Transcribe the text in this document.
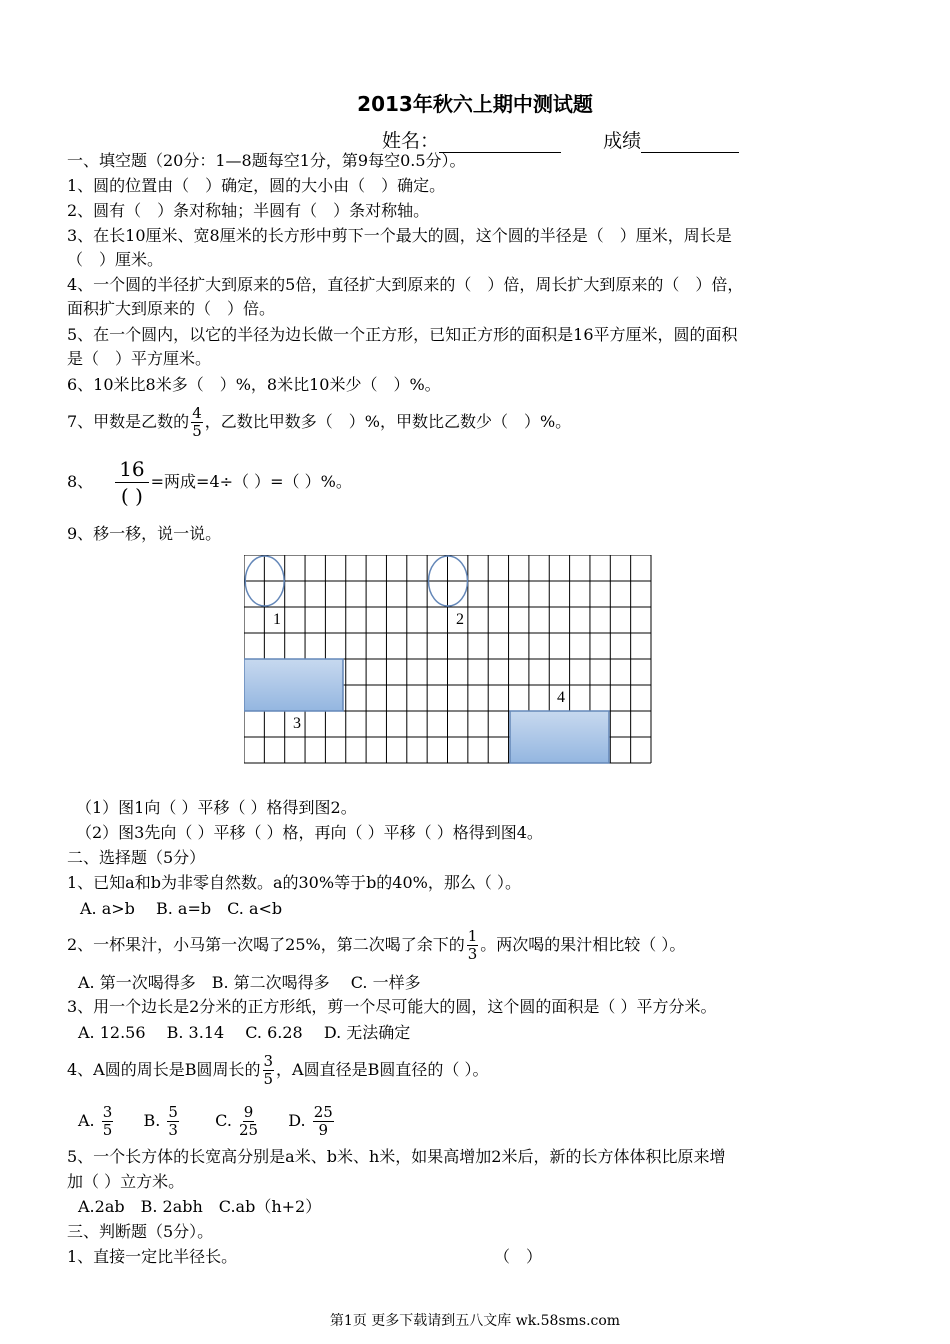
2013年秋六上期中测试题
姓名：	成绩
一、填空题（20分：1—8题每空1分，第9每空0.5分）。
1、圆的位置由（　）确定，圆的大小由（　）确定。
2、圆有（　）条对称轴；半圆有（　）条对称轴。
3、在长10厘米、宽8厘米的长方形中剪下一个最大的圆，这个圆的半径是（　）厘米，周长是
（　）厘米。
4、一个圆的半径扩大到原来的5倍，直径扩大到原来的（　）倍，周长扩大到原来的（　）倍，
面积扩大到原来的（　）倍。
5、在一个圆内，以它的半径为边长做一个正方形，已知正方形的面积是16平方厘米，圆的面积
是（　）平方厘米。
6、10米比8米多（　）%，8米比10米少（　）%。
7、甲数是乙数的 $\frac{4}{5}$ ，乙数比甲数多（　）%，甲数比乙数少（　）%。
8、 $\frac{16}{( )}$ =两成=4÷（ ）=（ ）%。
9、移一移，说一说。
1	2
3
4
（1）图1向（ ）平移（ ）格得到图2。
（2）图3先向（ ）平移（ ）格，再向（ ）平移（ ）格得到图4。
二、选择题（5分）
1、已知a和b为非零自然数。a的30%等于b的40%，那么（ ）。
A. a>b　 B. a=b　C. a<b
2、一杯果汁，小马第一次喝了25%，第二次喝了余下的 $\frac{1}{3}$ 。两次喝的果汁相比较（ ）。
A. 第一次喝得多　B. 第二次喝得多　 C. 一样多
3、用一个边长是2分米的正方形纸，剪一个尽可能大的圆，这个圆的面积是（ ）平方分米。
A. 12.56　 B. 3.14　 C. 6.28　 D. 无法确定
4、A圆的周长是B圆周长的 $\frac{3}{5}$ ，A圆直径是B圆直径的（ ）。
A. $\frac{3}{5} B$. $\frac{5}{3} C$. $\frac{9}{25} D$. $\frac{25}{9}$
5、一个长方体的长宽高分别是a米、b米、h米，如果高增加2米后，新的长方体体积比原来增
加（ ）立方米。
A.2ab　B. 2abh　C.ab（h+2）
三、判断题（5分）。
1、直接一定比半径长。	（　）
第1页 更多下载请到五八文库 wk.58sms.com
